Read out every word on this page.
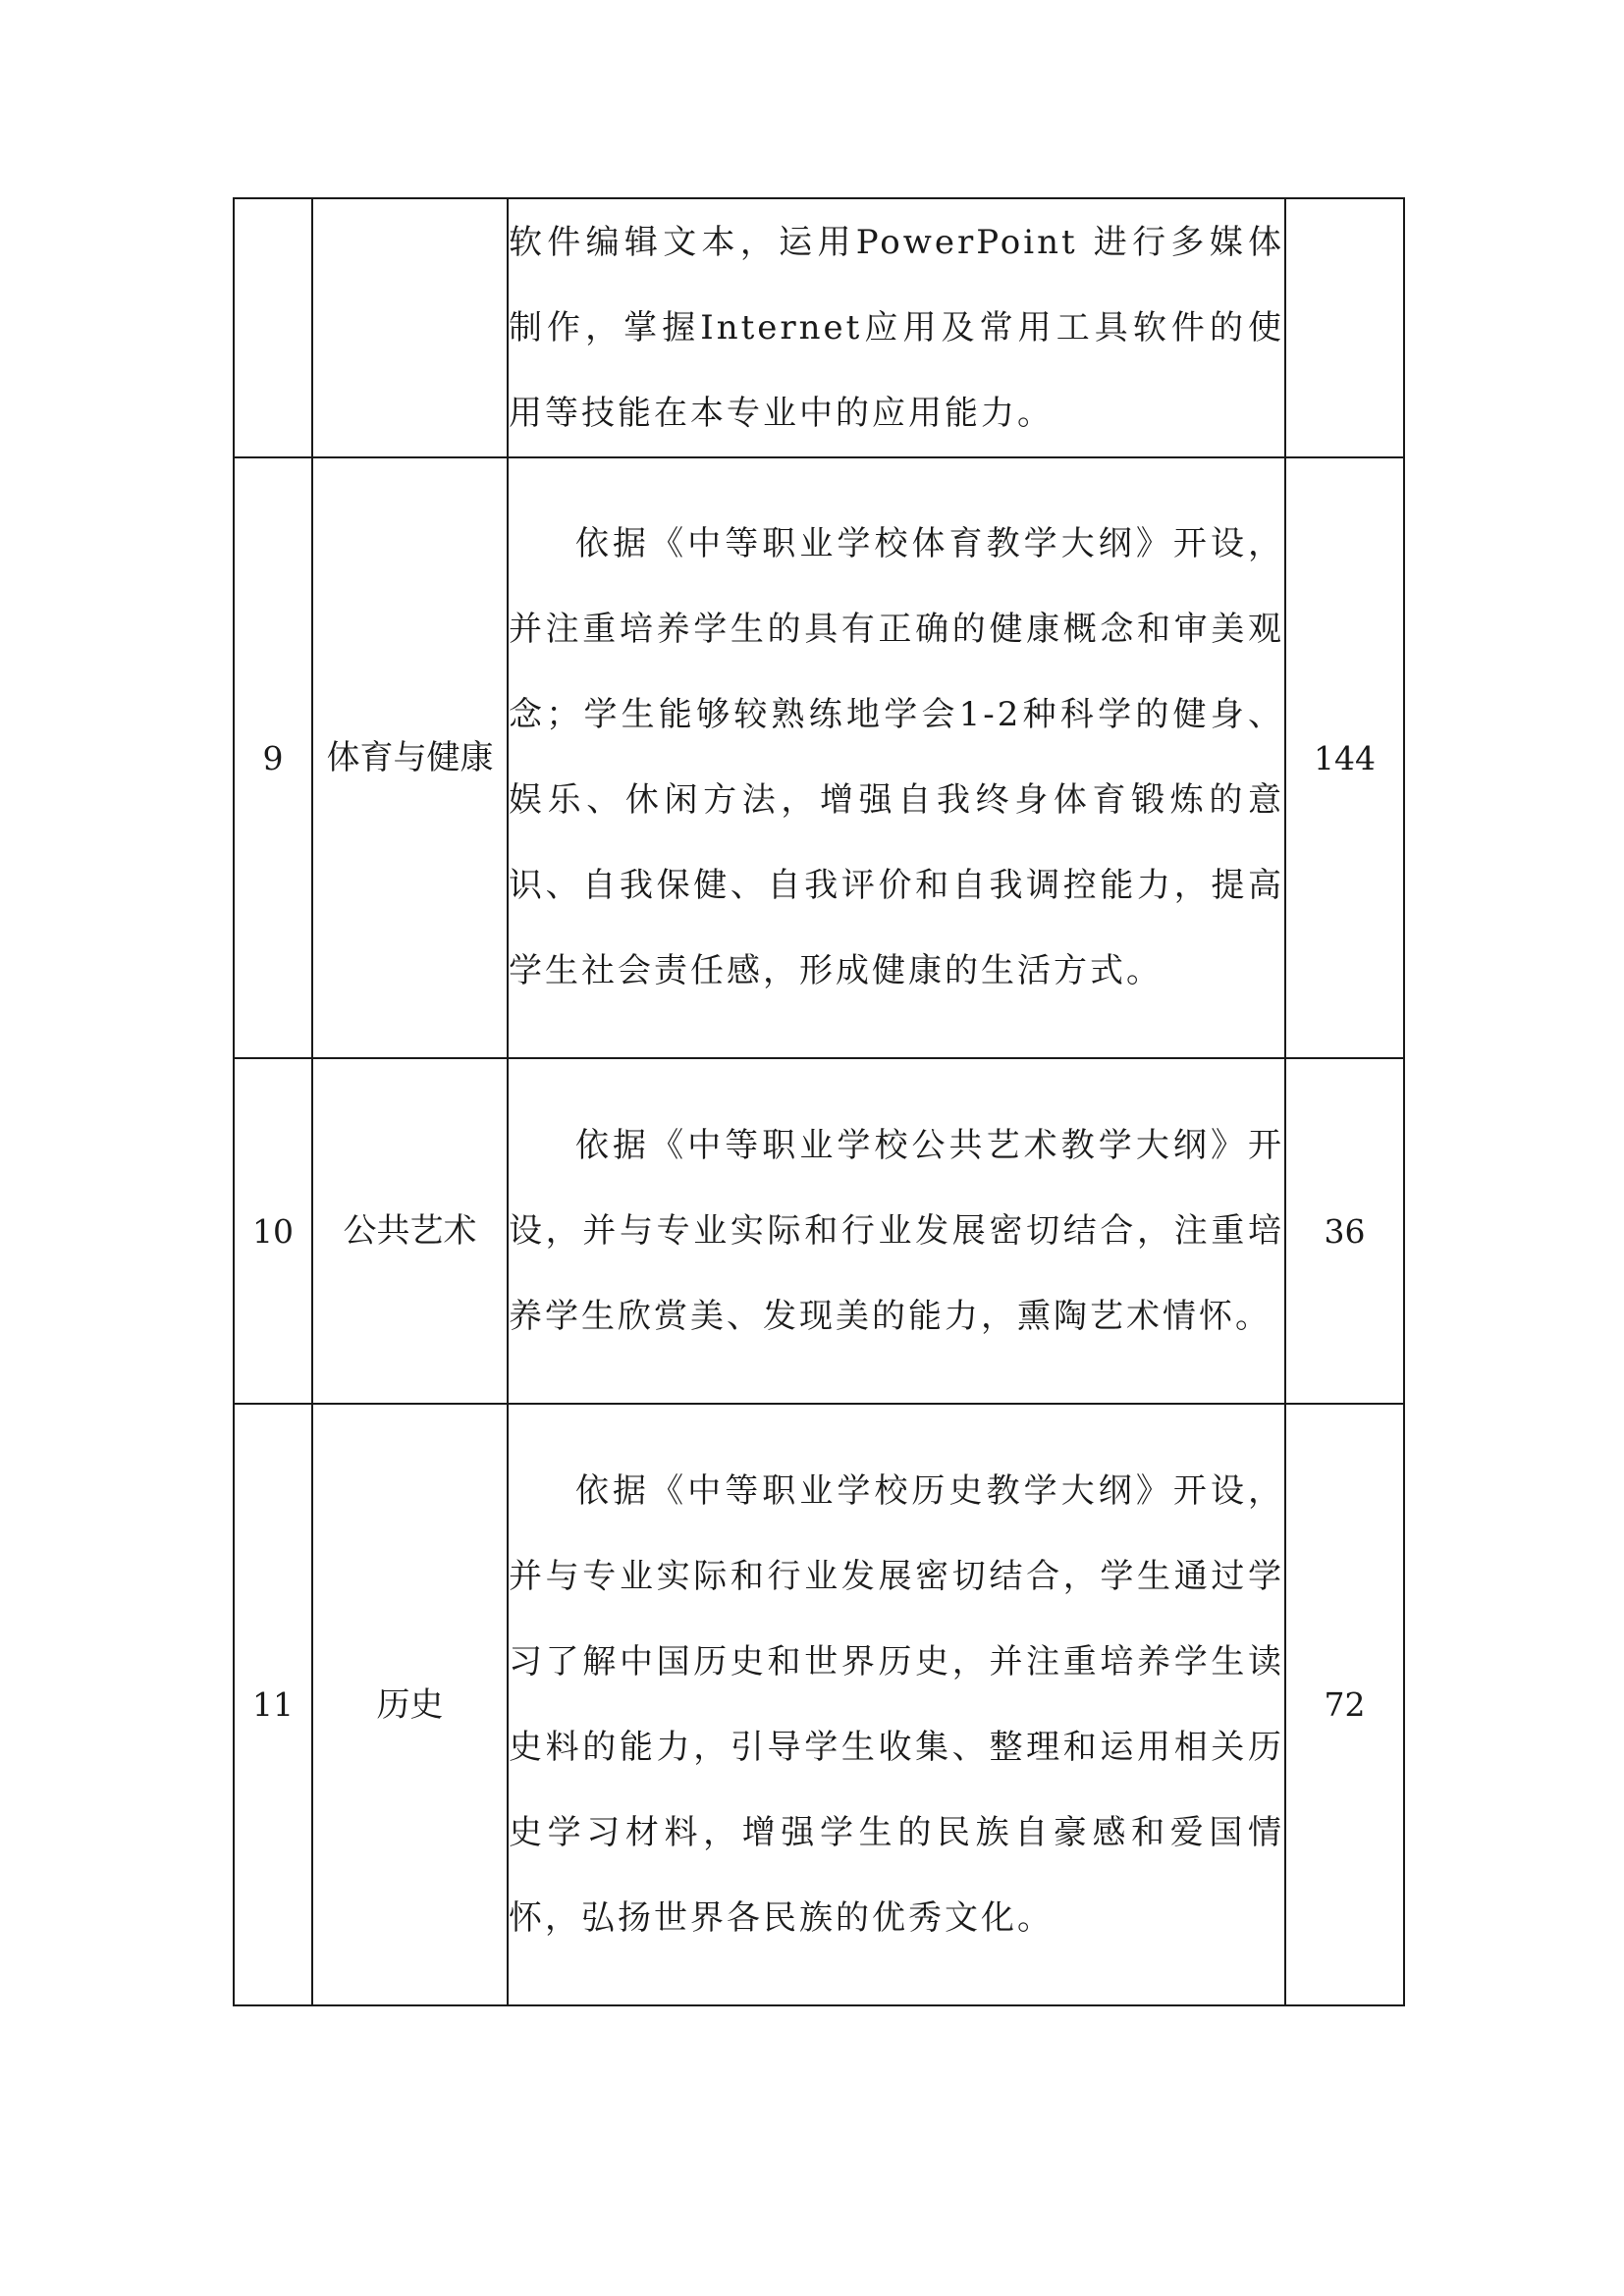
		软件编辑文本，运用PowerPoint 进行多媒体制作，掌握Internet应用及常用工具软件的使用等技能在本专业中的应用能力。	

9	体育与健康	依据《中等职业学校体育教学大纲》开设，并注重培养学生的具有正确的健康概念和审美观念；学生能够较熟练地学会1-2种科学的健身、娱乐、休闲方法，增强自我终身体育锻炼的意识、自我保健、自我评价和自我调控能力，提高学生社会责任感，形成健康的生活方式。	144
10	公共艺术	依据《中等职业学校公共艺术教学大纲》开设，并与专业实际和行业发展密切结合，注重培养学生欣赏美、发现美的能力，熏陶艺术情怀。	36
11	历史	依据《中等职业学校历史教学大纲》开设，并与专业实际和行业发展密切结合，学生通过学习了解中国历史和世界历史，并注重培养学生读史料的能力，引导学生收集、整理和运用相关历史学习材料，增强学生的民族自豪感和爱国情怀，弘扬世界各民族的优秀文化。	72
